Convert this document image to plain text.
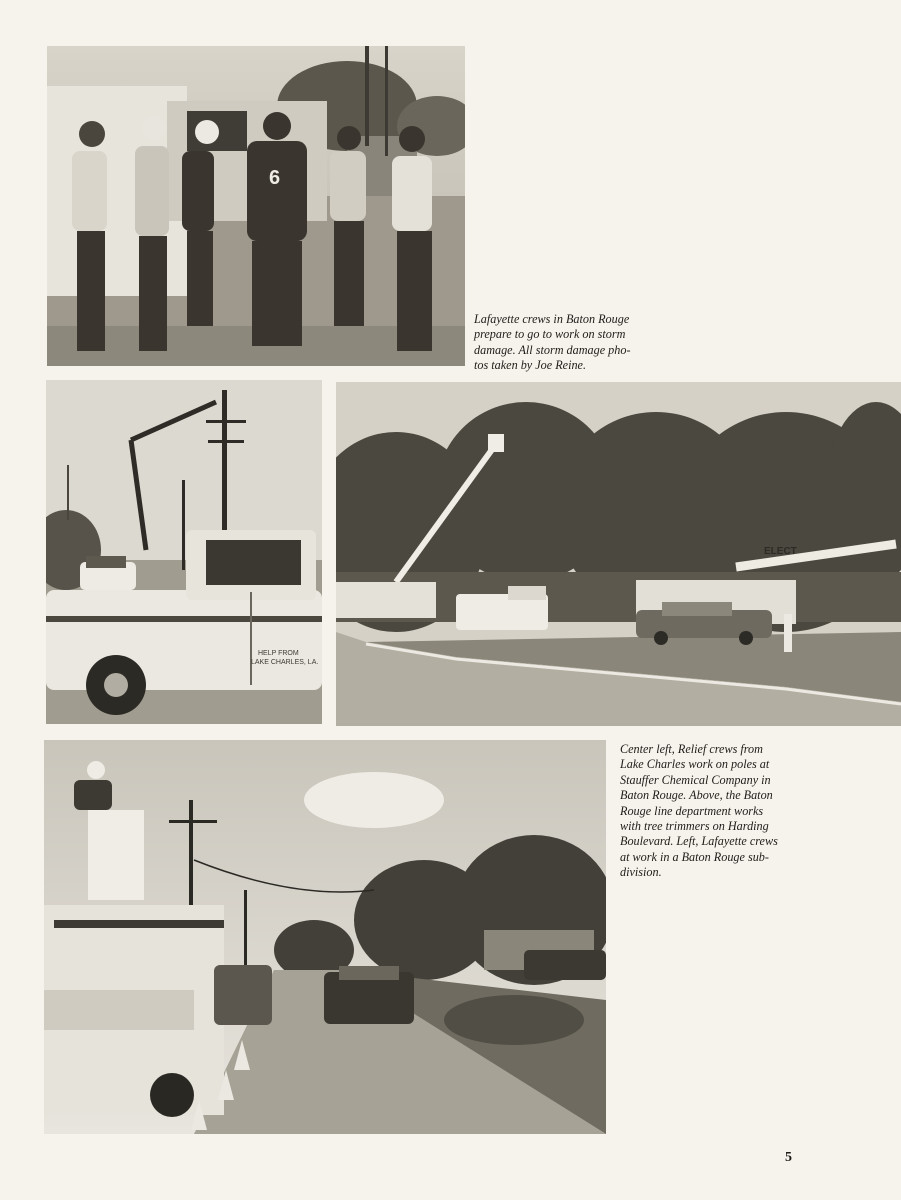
6
Lafayette crews in Baton Rouge
prepare to go to work on storm
damage. All storm damage pho-
tos taken by Joe Reine.
HELP FROM
LAKE CHARLES, LA.
ELECT
Center left, Relief crews from
Lake Charles work on poles at
Stauffer Chemical Company in
Baton Rouge. Above, the Baton
Rouge line department works
with tree trimmers on Harding
Boulevard. Left, Lafayette crews
at work in a Baton Rouge sub-
division.
5
